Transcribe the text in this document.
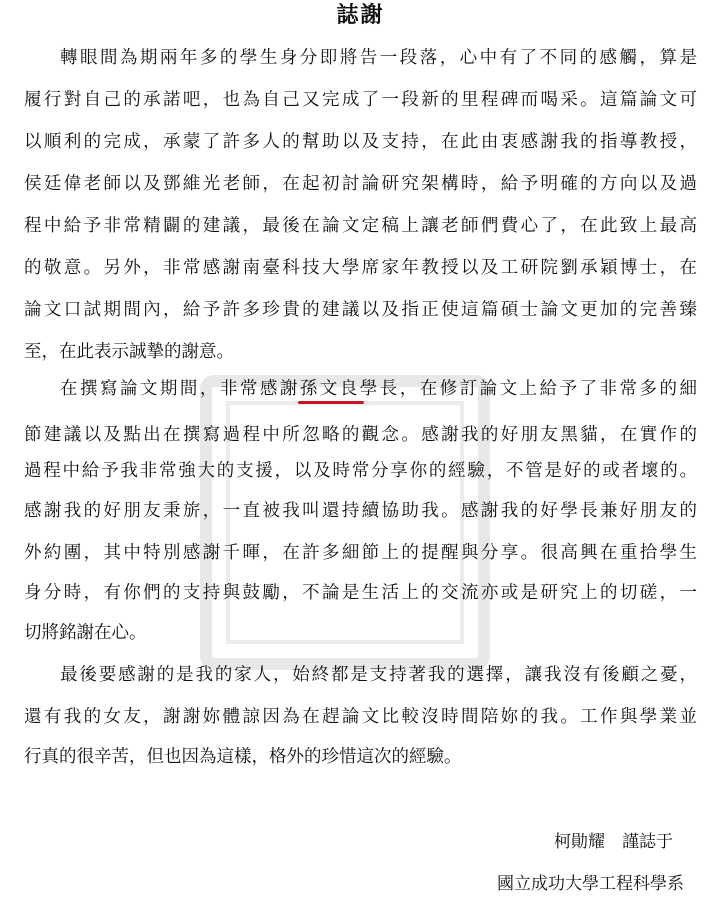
誌謝
轉眼間為期兩年多的學生身分即將告一段落，心中有了不同的感觸，算是
履行對自己的承諾吧，也為自己又完成了一段新的里程碑而喝采。這篇論文可
以順利的完成，承蒙了許多人的幫助以及支持，在此由衷感謝我的指導教授，
侯廷偉老師以及鄧維光老師，在起初討論研究架構時，給予明確的方向以及過
程中給予非常精闢的建議，最後在論文定稿上讓老師們費心了，在此致上最高
的敬意。另外，非常感謝南臺科技大學席家年教授以及工研院劉承穎博士，在
論文口試期間內，給予許多珍貴的建議以及指正使這篇碩士論文更加的完善臻
至，在此表示誠摯的謝意。
在撰寫論文期間，非常感謝孫文良學長，在修訂論文上給予了非常多的細
節建議以及點出在撰寫過程中所忽略的觀念。感謝我的好朋友黑貓，在實作的
過程中給予我非常強大的支援，以及時常分享你的經驗，不管是好的或者壞的。
感謝我的好朋友秉旂，一直被我叫還持續協助我。感謝我的好學長兼好朋友的
外約團，其中特別感謝千暉，在許多細節上的提醒與分享。很高興在重拾學生
身分時，有你們的支持與鼓勵，不論是生活上的交流亦或是研究上的切磋，一
切將銘謝在心。
最後要感謝的是我的家人，始終都是支持著我的選擇，讓我沒有後顧之憂，
還有我的女友，謝謝妳體諒因為在趕論文比較沒時間陪妳的我。工作與學業並
行真的很辛苦，但也因為這樣，格外的珍惜這次的經驗。
柯勛耀　謹誌于
國立成功大學工程科學系
